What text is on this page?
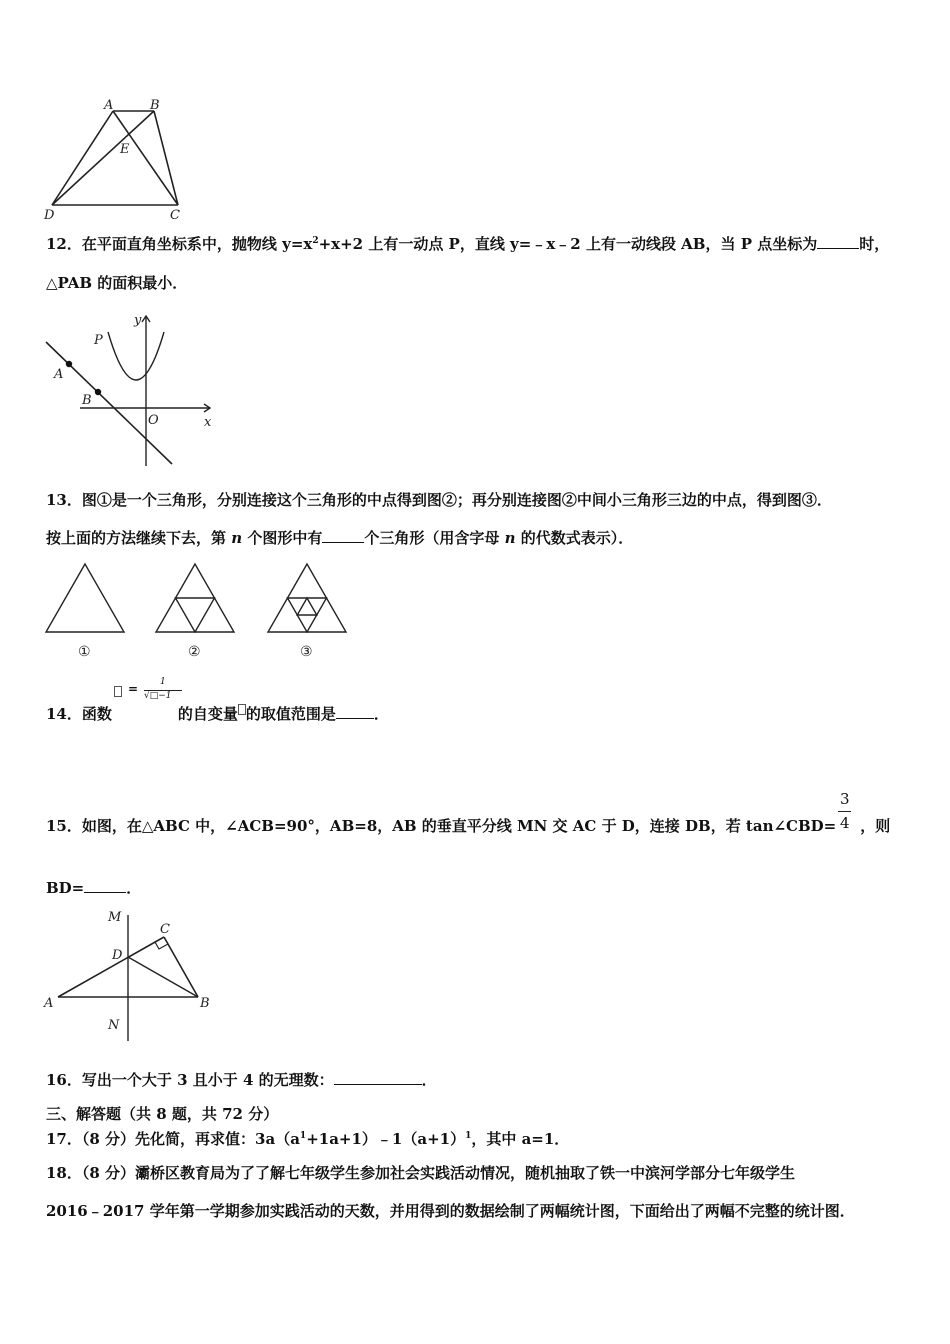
A	B
E
D	C
12．在平面直角坐标系中，抛物线 $y=x^2+x+2$ 上有一动点 P，直线 y=﹣x﹣2 上有一动线段 AB，当 P 点坐标为	时，
△PAB 的面积最小．
y
P
A
B
O	x
13．图①是一个三角形，分别连接这个三角形的中点得到图②；再分别连接图②中间小三角形三边的中点，得到图③．
按上面的方法继续下去，第 n 个图形中有	个三角形（用含字母 n 的代数式表示）．
①	②	③
14．函数	的自变量 的取值范围是	．
= 1
√□−1
15．如图，在△ABC 中，∠ACB=90°，AB=8，AB 的垂直平分线 MN 交 AC 于 D，连接 DB，若 tan∠CBD= ，则
3
4
BD=	．
M
C
D
A	B
N
16．写出一个大于 3 且小于 4 的无理数：	．
三、解答题（共 8 题，共 72 分）
17．（8 分）先化简，再求值：$3a(a^1+1a+1)﹣1(a+1)^1$，其中 a=1．
18．（8 分）灞桥区教育局为了了解七年级学生参加社会实践活动情况，随机抽取了铁一中滨河学部分七年级学生
2016﹣2017 学年第一学期参加实践活动的天数，并用得到的数据绘制了两幅统计图，下面给出了两幅不完整的统计图．
